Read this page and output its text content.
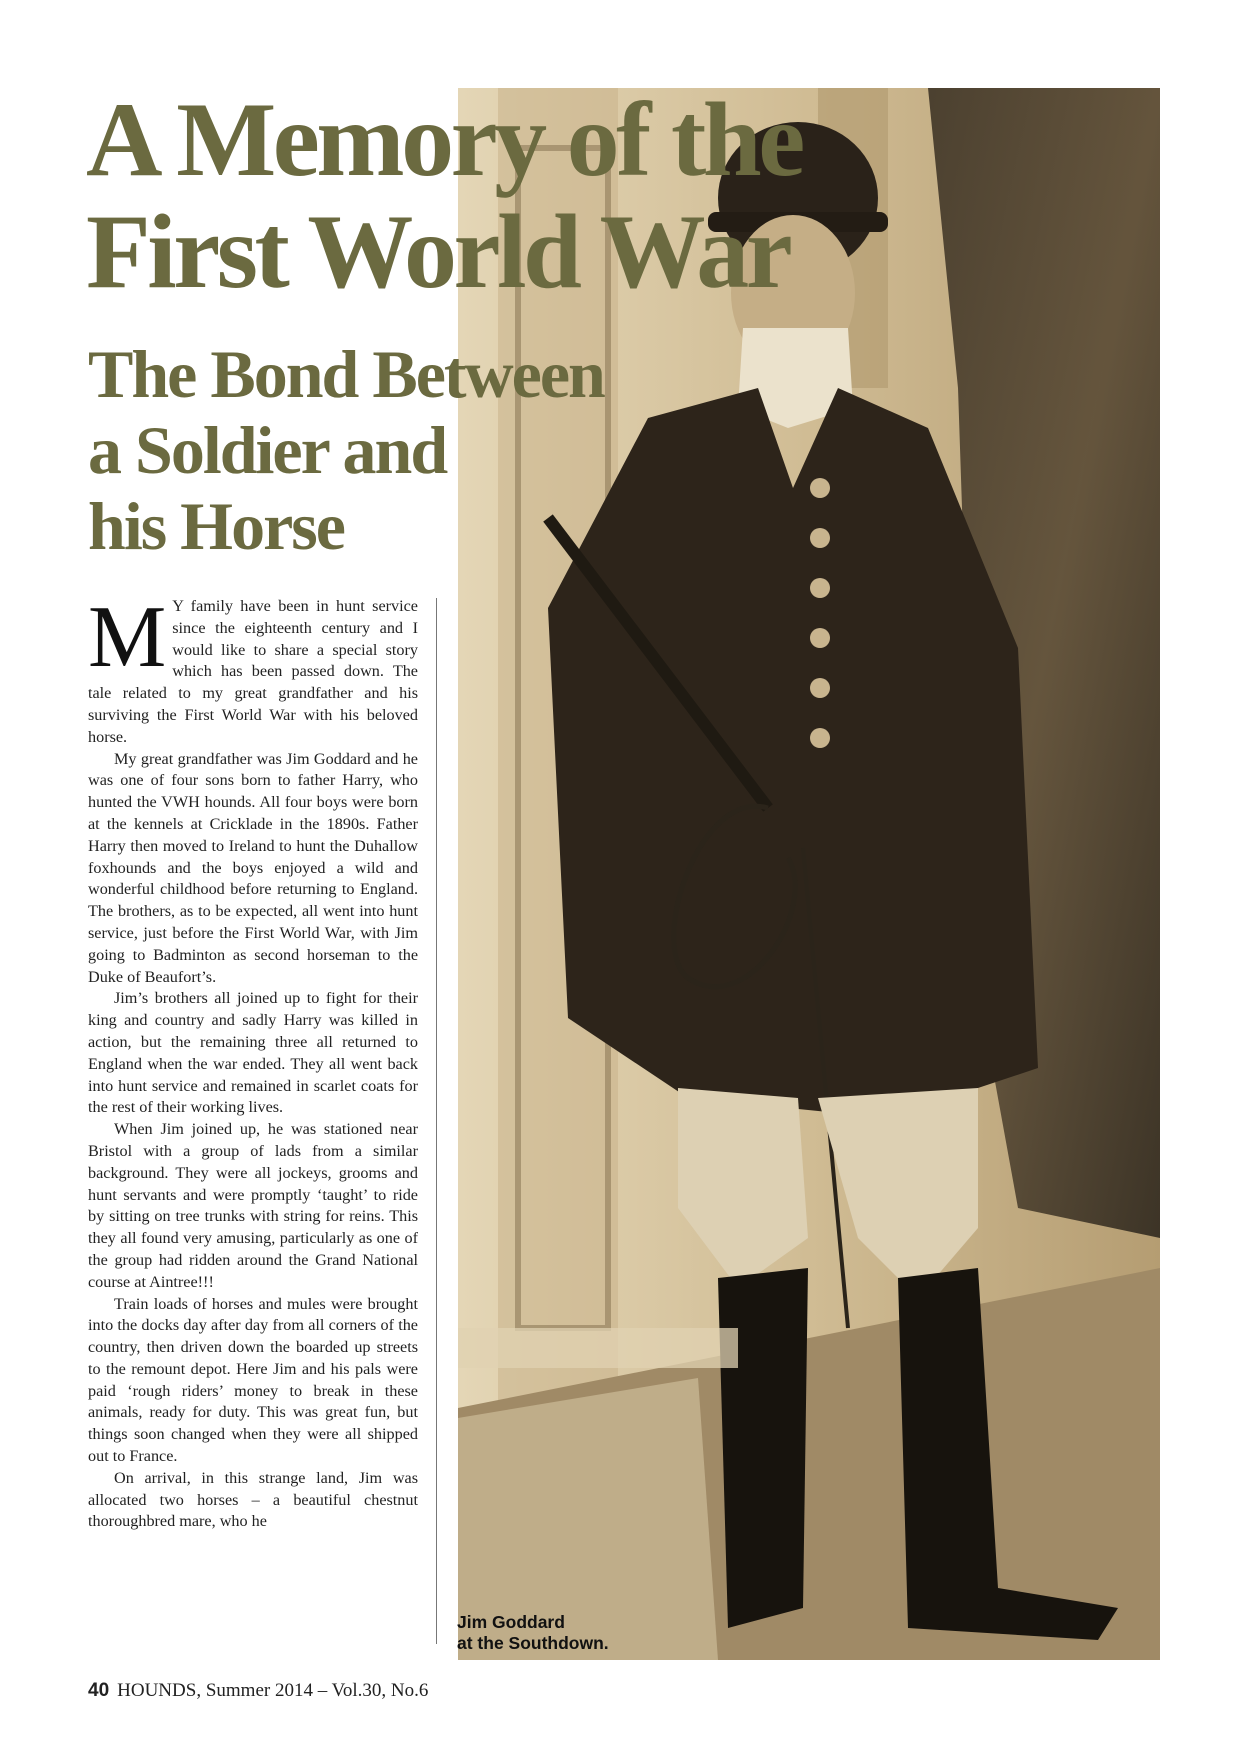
Jim Goddard
at the Southdown.
A Memory of the
First World War
The Bond Between
a Soldier and
his Horse

M Y family have been in hunt service since the eighteenth century and I would like to share a special story which has been passed down. The tale related to my great grandfather and his surviving the First World War with his beloved horse.

My great grandfather was Jim Goddard and he was one of four sons born to father Harry, who hunted the VWH hounds. All four boys were born at the kennels at Cricklade in the 1890s. Father Harry then moved to Ireland to hunt the Duhallow foxhounds and the boys enjoyed a wild and wonderful childhood before returning to England. The brothers, as to be expected, all went into hunt service, just before the First World War, with Jim going to Badminton as second horseman to the Duke of Beaufort’s.

Jim’s brothers all joined up to fight for their king and country and sadly Harry was killed in action, but the remaining three all returned to England when the war ended. They all went back into hunt service and remained in scarlet coats for the rest of their working lives.

When Jim joined up, he was stationed near Bristol with a group of lads from a similar background. They were all jockeys, grooms and hunt servants and were promptly ‘taught’ to ride by sitting on tree trunks with string for reins. This they all found very amusing, particularly as one of the group had ridden around the Grand National course at Aintree!!!

Train loads of horses and mules were brought into the docks day after day from all corners of the country, then driven down the boarded up streets to the remount depot. Here Jim and his pals were paid ‘rough riders’ money to break in these animals, ready for duty. This was great fun, but things soon changed when they were all shipped out to France.

On arrival, in this strange land, Jim was allocated two horses – a beautiful chestnut thoroughbred mare, who he

40 HOUNDS, Summer 2014 – Vol.30, No.6
